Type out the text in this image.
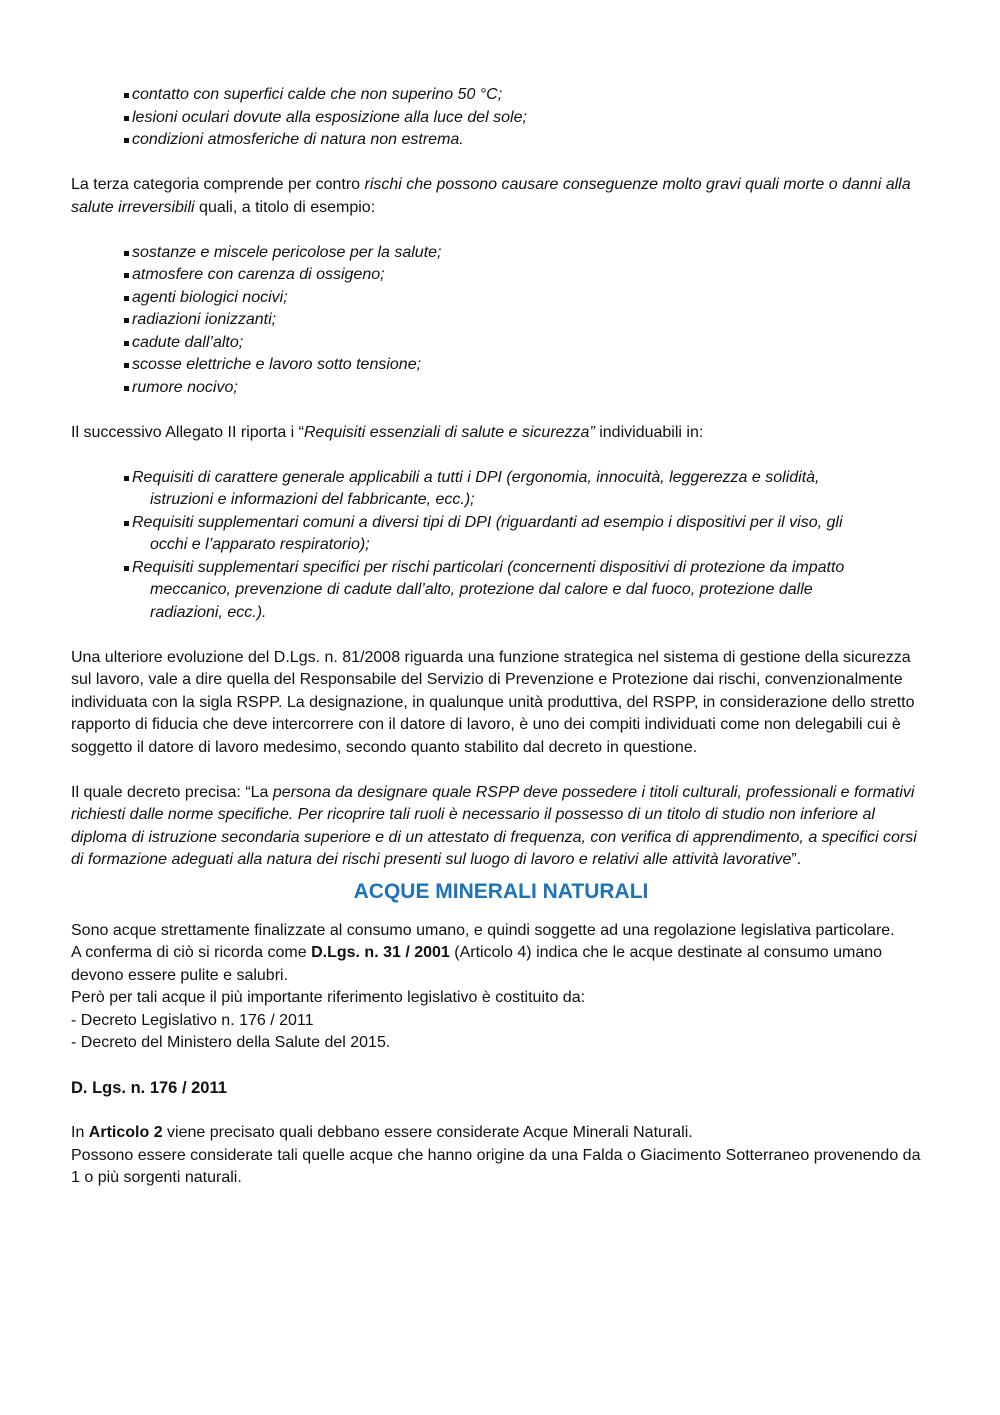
contatto con superfici calde che non superino 50 °C;
lesioni oculari dovute alla esposizione alla luce del sole;
condizioni atmosferiche di natura non estrema.

La terza categoria comprende per contro rischi che possono causare conseguenze molto gravi quali morte o danni alla salute irreversibili quali, a titolo di esempio:

sostanze e miscele pericolose per la salute;
atmosfere con carenza di ossigeno;
agenti biologici nocivi;
radiazioni ionizzanti;
cadute dall’alto;
scosse elettriche e lavoro sotto tensione;
rumore nocivo;

Il successivo Allegato II riporta i “Requisiti essenziali di salute e sicurezza” individuabili in:

Requisiti di carattere generale applicabili a tutti i DPI (ergonomia, innocuità, leggerezza e solidità,
istruzioni e informazioni del fabbricante, ecc.);
Requisiti supplementari comuni a diversi tipi di DPI (riguardanti ad esempio i dispositivi per il viso, gli
occhi e l’apparato respiratorio);
Requisiti supplementari specifici per rischi particolari (concernenti dispositivi di protezione da impatto
meccanico, prevenzione di cadute dall’alto, protezione dal calore e dal fuoco, protezione dalle
radiazioni, ecc.).

Una ulteriore evoluzione del D.Lgs. n. 81/2008 riguarda una funzione strategica nel sistema di gestione della sicurezza sul lavoro, vale a dire quella del Responsabile del Servizio di Prevenzione e Protezione dai rischi, convenzionalmente individuata con la sigla RSPP. La designazione, in qualunque unità produttiva, del RSPP, in considerazione dello stretto rapporto di fiducia che deve intercorrere con il datore di lavoro, è uno dei compiti individuati come non delegabili cui è soggetto il datore di lavoro medesimo, secondo quanto stabilito dal decreto in questione.

Il quale decreto precisa: “La persona da designare quale RSPP deve possedere i titoli culturali, professionali e formativi richiesti dalle norme specifiche. Per ricoprire tali ruoli è necessario il possesso di un titolo di studio non inferiore al diploma di istruzione secondaria superiore e di un attestato di frequenza, con verifica di apprendimento, a specifici corsi di formazione adeguati alla natura dei rischi presenti sul luogo di lavoro e relativi alle attività lavorative”.

ACQUE MINERALI NATURALI

Sono acque strettamente finalizzate al consumo umano, e quindi soggette ad una regolazione legislativa particolare.

A conferma di ciò si ricorda come D.Lgs. n. 31 / 2001 (Articolo 4) indica che le acque destinate al consumo umano devono essere pulite e salubri.

Però per tali acque il più importante riferimento legislativo è costituito da:

- Decreto Legislativo n. 176 / 2011

- Decreto del Ministero della Salute del 2015.

D. Lgs. n. 176 / 2011

In Articolo 2 viene precisato quali debbano essere considerate Acque Minerali Naturali.

Possono essere considerate tali quelle acque che hanno origine da una Falda o Giacimento Sotterraneo provenendo da 1 o più sorgenti naturali.
